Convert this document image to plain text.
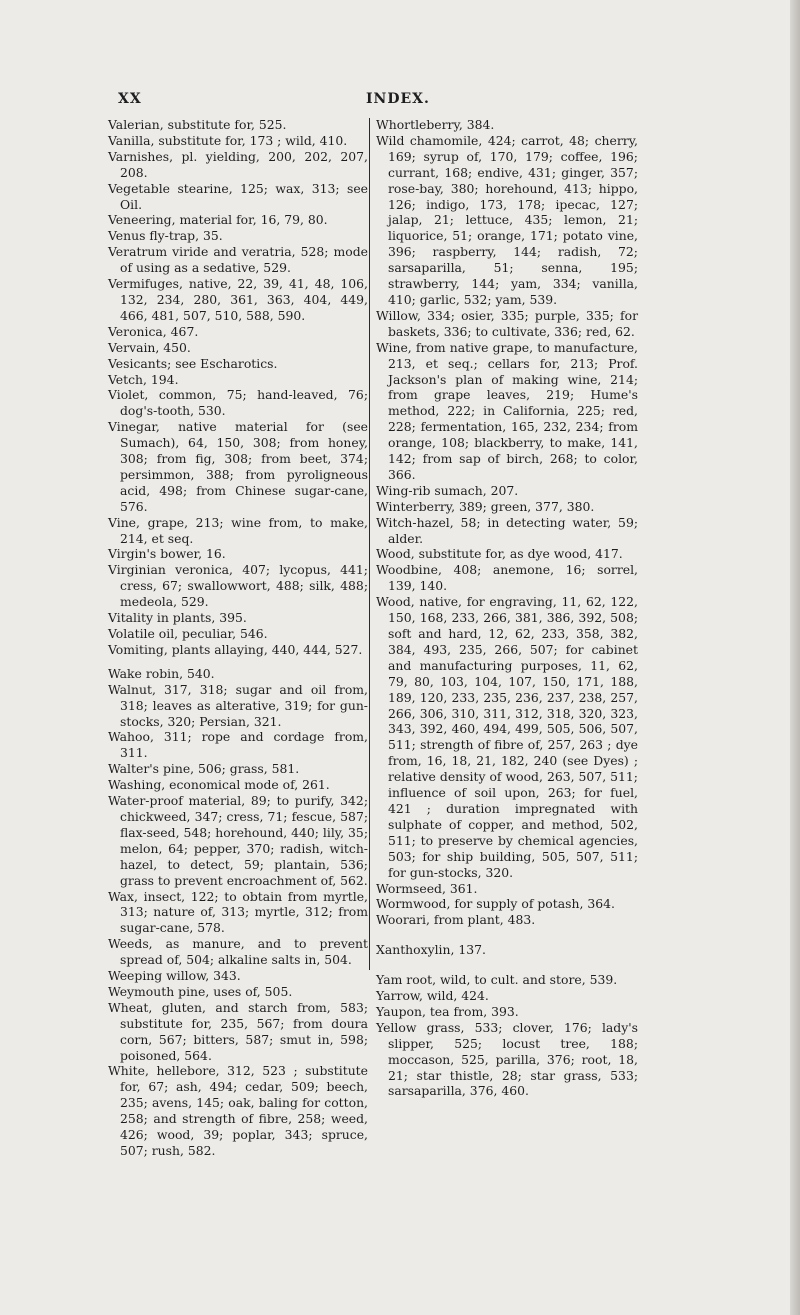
XX	INDEX.

Valerian, substitute for, 525.

Vanilla, substitute for, 173 ; wild, 410.

Varnishes, pl. yielding, 200, 202, 207, 208.

Vegetable stearine, 125; wax, 313; see Oil.

Veneering, material for, 16, 79, 80.

Venus fly-trap, 35.

Veratrum viride and veratria, 528; mode of using as a sedative, 529.

Vermifuges, native, 22, 39, 41, 48, 106, 132, 234, 280, 361, 363, 404, 449, 466, 481, 507, 510, 588, 590.

Veronica, 467.

Vervain, 450.

Vesicants; see Escharotics.

Vetch, 194.

Violet, common, 75; hand-leaved, 76; dog's-tooth, 530.

Vinegar, native material for (see Sumach), 64, 150, 308; from honey, 308; from fig, 308; from beet, 374; persimmon, 388; from pyroligneous acid, 498; from Chinese sugar-cane, 576.

Vine, grape, 213; wine from, to make, 214, et seq.

Virgin's bower, 16.

Virginian veronica, 407; lycopus, 441; cress, 67; swallowwort, 488; silk, 488; medeola, 529.

Vitality in plants, 395.

Volatile oil, peculiar, 546.

Vomiting, plants allaying, 440, 444, 527.

Wake robin, 540.

Walnut, 317, 318; sugar and oil from, 318; leaves as alterative, 319; for gun-stocks, 320; Persian, 321.

Wahoo, 311; rope and cordage from, 311.

Walter's pine, 506; grass, 581.

Washing, economical mode of, 261.

Water-proof material, 89; to purify, 342; chickweed, 347; cress, 71; fescue, 587; flax-seed, 548; horehound, 440; lily, 35; melon, 64; pepper, 370; radish, witch-hazel, to detect, 59; plantain, 536; grass to prevent encroachment of, 562.

Wax, insect, 122; to obtain from myrtle, 313; nature of, 313; myrtle, 312; from sugar-cane, 578.

Weeds, as manure, and to prevent spread of, 504; alkaline salts in, 504.

Weeping willow, 343.

Weymouth pine, uses of, 505.

Wheat, gluten, and starch from, 583; substitute for, 235, 567; from doura corn, 567; bitters, 587; smut in, 598; poisoned, 564.

White, hellebore, 312, 523 ; substitute for, 67; ash, 494; cedar, 509; beech, 235; avens, 145; oak, baling for cotton, 258; and strength of fibre, 258; weed, 426; wood, 39; poplar, 343; spruce, 507; rush, 582.

Whortleberry, 384.

Wild chamomile, 424; carrot, 48; cherry, 169; syrup of, 170, 179; coffee, 196; currant, 168; endive, 431; ginger, 357; rose-bay, 380; horehound, 413; hippo, 126; indigo, 173, 178; ipecac, 127; jalap, 21; lettuce, 435; lemon, 21; liquorice, 51; orange, 171; potato vine, 396; raspberry, 144; radish, 72; sarsaparilla, 51; senna, 195; strawberry, 144; yam, 334; vanilla, 410; garlic, 532; yam, 539.

Willow, 334; osier, 335; purple, 335; for baskets, 336; to cultivate, 336; red, 62.

Wine, from native grape, to manufacture, 213, et seq.; cellars for, 213; Prof. Jackson's plan of making wine, 214; from grape leaves, 219; Hume's method, 222; in California, 225; red, 228; fermentation, 165, 232, 234; from orange, 108; blackberry, to make, 141, 142; from sap of birch, 268; to color, 366.

Wing-rib sumach, 207.

Winterberry, 389; green, 377, 380.

Witch-hazel, 58; in detecting water, 59; alder.

Wood, substitute for, as dye wood, 417.

Woodbine, 408; anemone, 16; sorrel, 139, 140.

Wood, native, for engraving, 11, 62, 122, 150, 168, 233, 266, 381, 386, 392, 508; soft and hard, 12, 62, 233, 358, 382, 384, 493, 235, 266, 507; for cabinet and manufacturing purposes, 11, 62, 79, 80, 103, 104, 107, 150, 171, 188, 189, 120, 233, 235, 236, 237, 238, 257, 266, 306, 310, 311, 312, 318, 320, 323, 343, 392, 460, 494, 499, 505, 506, 507, 511; strength of fibre of, 257, 263 ; dye from, 16, 18, 21, 182, 240 (see Dyes) ; relative density of wood, 263, 507, 511; influence of soil upon, 263; for fuel, 421 ; duration impregnated with sulphate of copper, and method, 502, 511; to preserve by chemical agencies, 503; for ship building, 505, 507, 511; for gun-stocks, 320.

Wormseed, 361.

Wormwood, for supply of potash, 364.

Woorari, from plant, 483.

Xanthoxylin, 137.

Yam root, wild, to cult. and store, 539.

Yarrow, wild, 424.

Yaupon, tea from, 393.

Yellow grass, 533; clover, 176; lady's slipper, 525; locust tree, 188; moccason, 525, parilla, 376; root, 18, 21; star thistle, 28; star grass, 533; sarsaparilla, 376, 460.
